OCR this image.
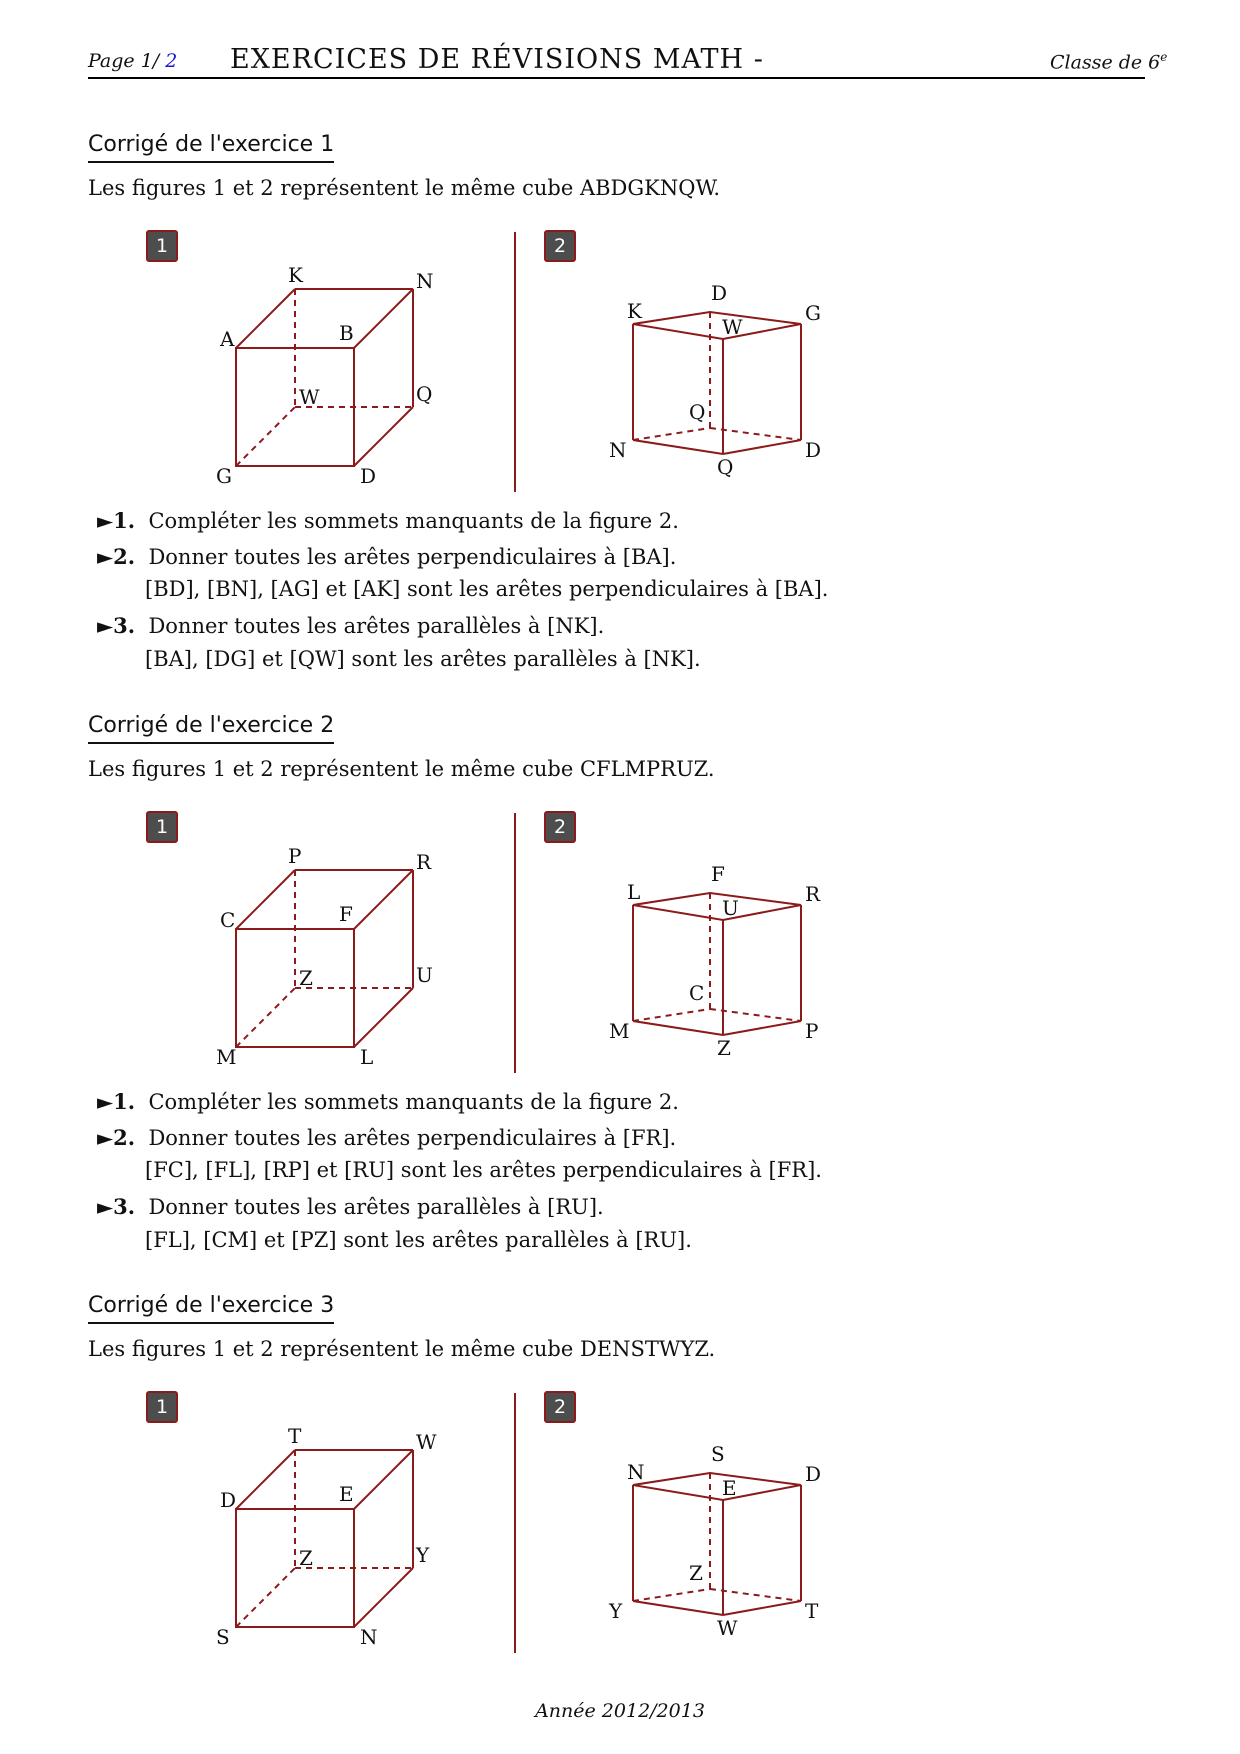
Page 1/ 2 EXERCICES DE RÉVISIONS MATH -	Classe de 6e
Corrigé de l'exercice 1
Les figures 1 et 2 représentent le même cube ABDGKNQW.
1
K	N
A	B
W	Q
G	D
2
D
K	G
W
Q
N	D
Q
►1. Compléter les sommets manquants de la figure 2.
►2. Donner toutes les arêtes perpendiculaires à [BA].
[BD], [BN], [AG] et [AK] sont les arêtes perpendiculaires à [BA].
►3. Donner toutes les arêtes parallèles à [NK].
[BA], [DG] et [QW] sont les arêtes parallèles à [NK].
Corrigé de l'exercice 2
Les figures 1 et 2 représentent le même cube CFLMPRUZ.
1
P	R
C	F
Z	U
M	L
2
F
L	R
U
C
M	P
Z
►1. Compléter les sommets manquants de la figure 2.
►2. Donner toutes les arêtes perpendiculaires à [FR].
[FC], [FL], [RP] et [RU] sont les arêtes perpendiculaires à [FR].
►3. Donner toutes les arêtes parallèles à [RU].
[FL], [CM] et [PZ] sont les arêtes parallèles à [RU].
Corrigé de l'exercice 3
Les figures 1 et 2 représentent le même cube DENSTWYZ.
1
T	W
D	E
Z	Y
S	N
2
S
N	D
E
Z
Y	T
W
Année 2012/2013
